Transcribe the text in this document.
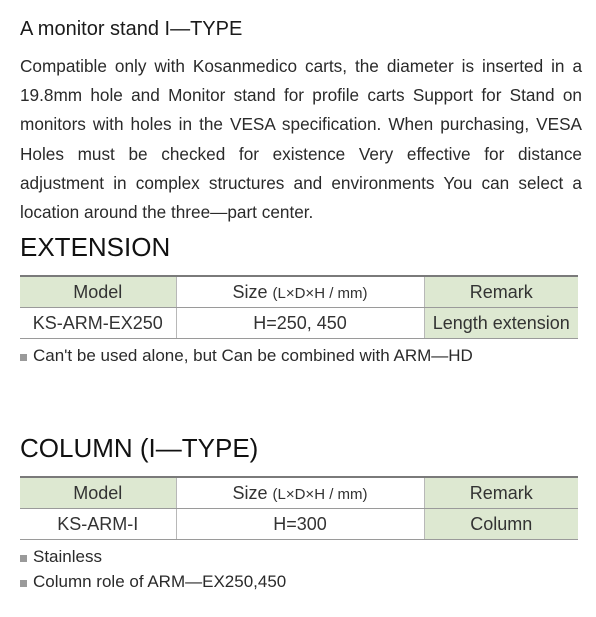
A monitor stand I—TYPE
Compatible only with Kosanmedico carts, the diameter is inserted in a 19.8mm hole and Monitor stand for profile carts Support for Stand on monitors with holes in the VESA specification. When purchasing, VESA Holes must be checked for existence Very effective for distance adjustment in complex structures and environments You can select a location around the three—part center.
EXTENSION
Model	Size (L×D×H / mm)	Remark
KS-ARM-EX250	H=250, 450	Length extension
Can't be used alone, but Can be combined with ARM—HD
COLUMN (I—TYPE)
Model	Size (L×D×H / mm)	Remark
KS-ARM-I	H=300	Column
Stainless
Column role of ARM—EX250,450
